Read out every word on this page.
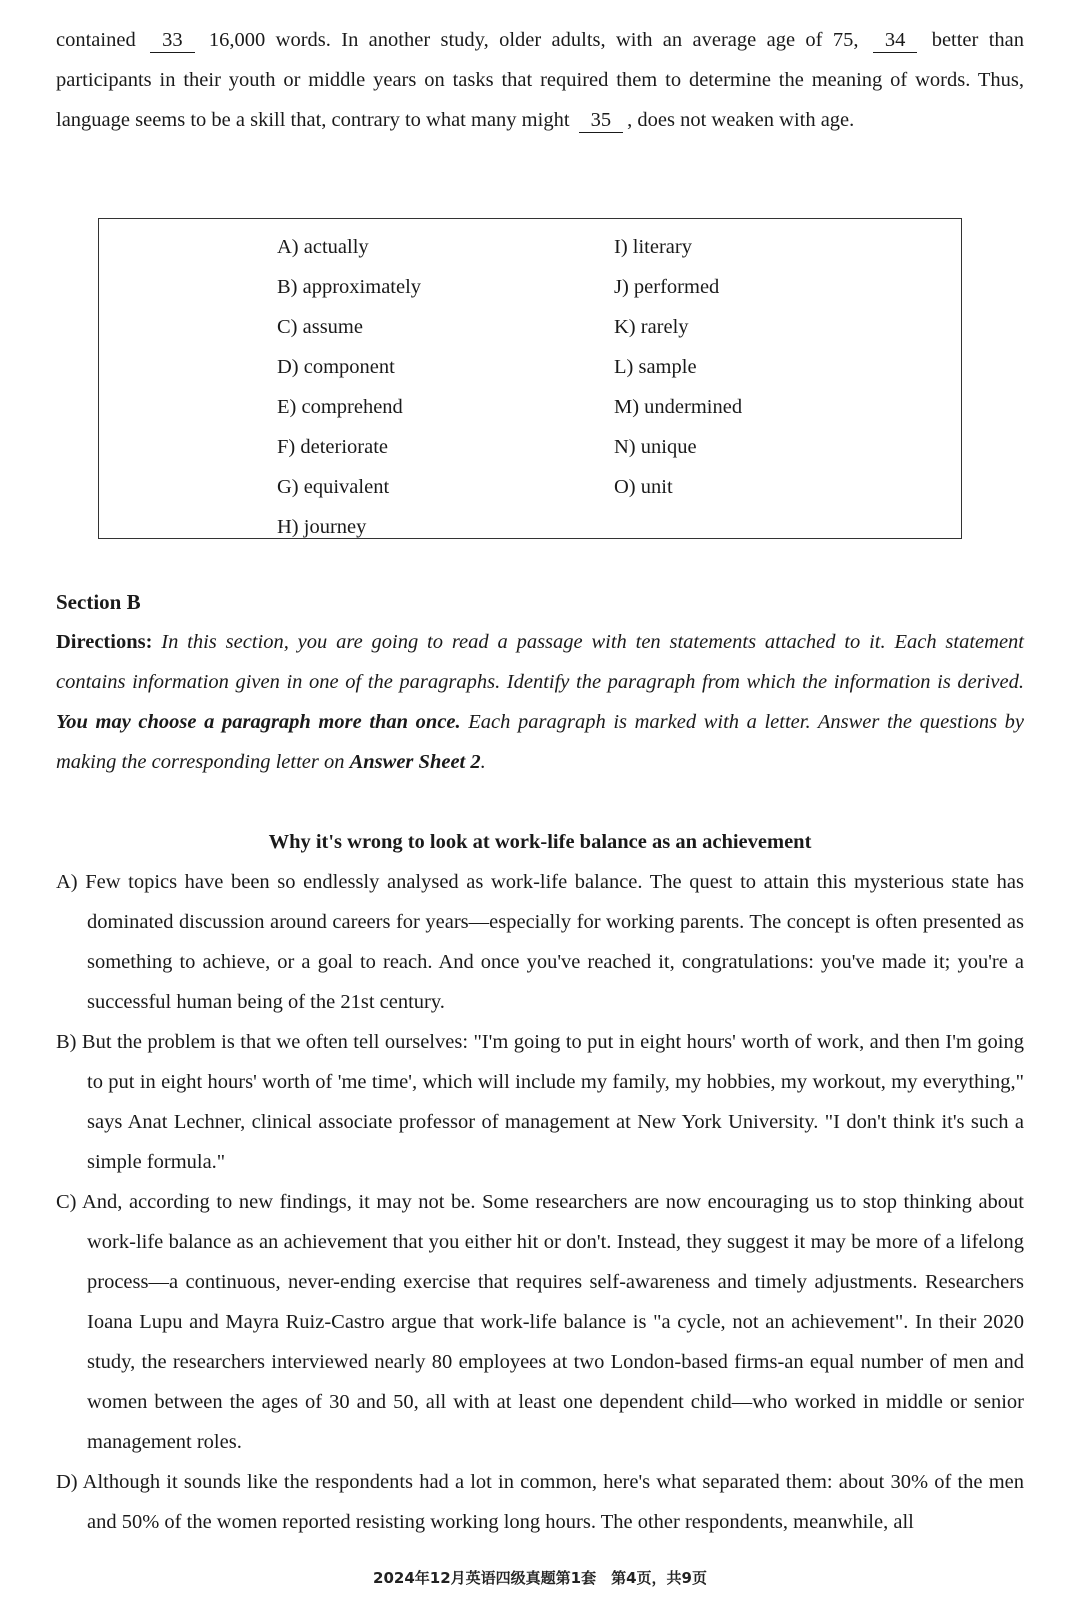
contained 33 16,000 words. In another study, older adults, with an average age of 75, 34 better than participants in their youth or middle years on tasks that required them to determine the meaning of words. Thus, language seems to be a skill that, contrary to what many might 35 , does not weaken with age.
A) actually
B) approximately
C) assume
D) component
E) comprehend
F) deteriorate
G) equivalent
H) journey
I) literary
J) performed
K) rarely
L) sample
M) undermined
N) unique
O) unit
Section B
Directions: In this section, you are going to read a passage with ten statements attached to it. Each statement contains information given in one of the paragraphs. Identify the paragraph from which the information is derived. You may choose a paragraph more than once. Each paragraph is marked with a letter. Answer the questions by making the corresponding letter on Answer Sheet 2.
Why it's wrong to look at work-life balance as an achievement

A) Few topics have been so endlessly analysed as work-life balance. The quest to attain this mysterious state has dominated discussion around careers for years—especially for working parents. The concept is often presented as something to achieve, or a goal to reach. And once you've reached it, congratulations: you've made it; you're a successful human being of the 21st century.

B) But the problem is that we often tell ourselves: "I'm going to put in eight hours' worth of work, and then I'm going to put in eight hours' worth of 'me time', which will include my family, my hobbies, my workout, my everything," says Anat Lechner, clinical associate professor of management at New York University. "I don't think it's such a simple formula."

C) And, according to new findings, it may not be. Some researchers are now encouraging us to stop thinking about work-life balance as an achievement that you either hit or don't. Instead, they suggest it may be more of a lifelong process—a continuous, never-ending exercise that requires self-awareness and timely adjustments. Researchers Ioana Lupu and Mayra Ruiz-Castro argue that work-life balance is "a cycle, not an achievement". In their 2020 study, the researchers interviewed nearly 80 employees at two London-based firms-an equal number of men and women between the ages of 30 and 50, all with at least one dependent child—who worked in middle or senior management roles.

D) Although it sounds like the respondents had a lot in common, here's what separated them: about 30% of the men and 50% of the women reported resisting working long hours. The other respondents, meanwhile, all

2024年12月英语四级真题第1套　第4页，共9页
